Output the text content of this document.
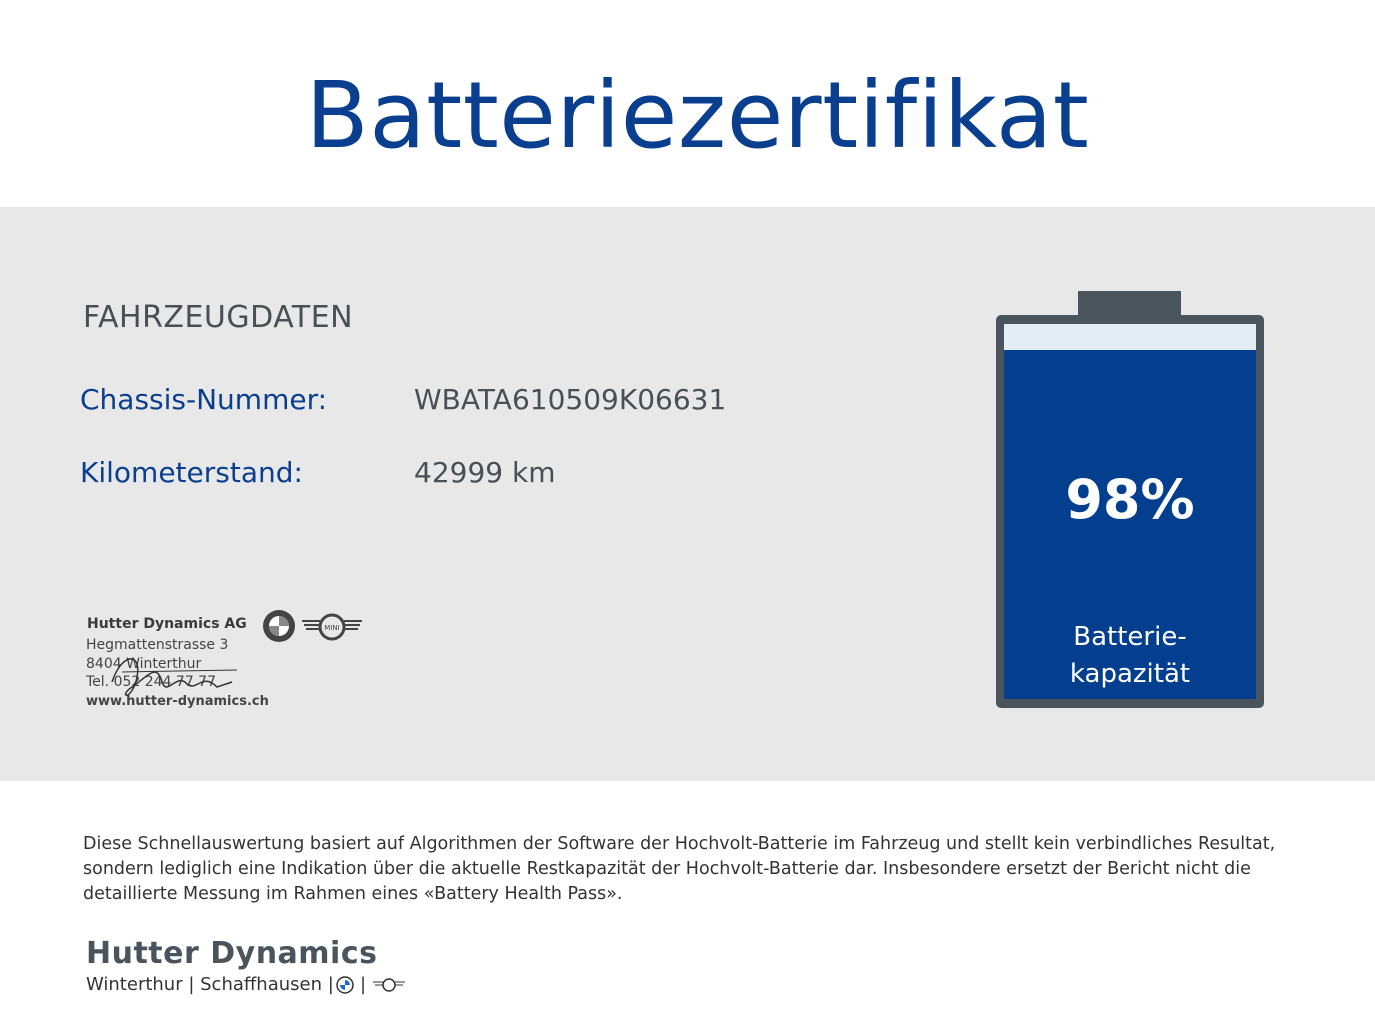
Batteriezertifikat
FAHRZEUGDATEN
Chassis-Nummer:	WBATA610509K06631
Kilometerstand:	42999 km
Hutter Dynamics AG
Hegmattenstrasse 3
8404 Winterthur
Tel. 052 244 77 77
www.hutter-dynamics.ch
MINI
98%
Batterie-
kapazität
Diese Schnellauswertung basiert auf Algorithmen der Software der Hochvolt-Batterie im Fahrzeug und stellt kein verbindliches Resultat,
sondern lediglich eine Indikation über die aktuelle Restkapazität der Hochvolt-Batterie dar. Insbesondere ersetzt der Bericht nicht die
detaillierte Messung im Rahmen eines «Battery Health Pass».
Hutter Dynamics
Winterthur | Schaffhausen | |
